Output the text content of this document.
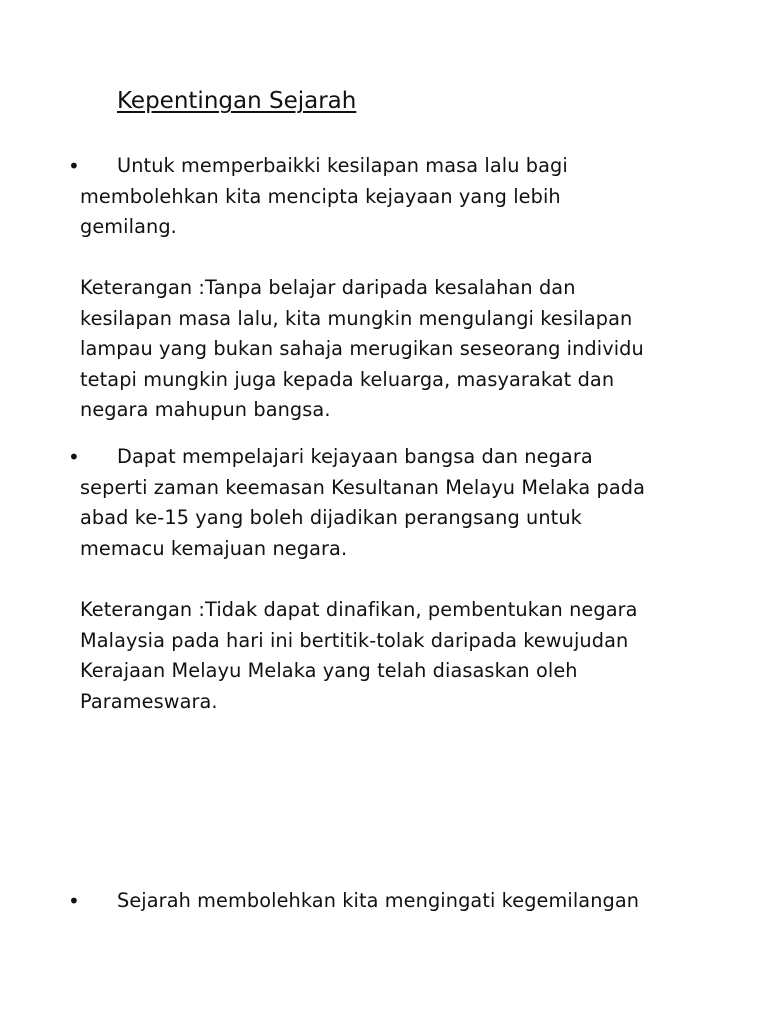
Kepentingan Sejarah
• Untuk memperbaikki kesilapan masa lalu bagi
membolehkan kita mencipta kejayaan yang lebih
gemilang.
Keterangan :Tanpa belajar daripada kesalahan dan
kesilapan masa lalu, kita mungkin mengulangi kesilapan
lampau yang bukan sahaja merugikan seseorang individu
tetapi mungkin juga kepada keluarga, masyarakat dan
negara mahupun bangsa.
• Dapat mempelajari kejayaan bangsa dan negara
seperti zaman keemasan Kesultanan Melayu Melaka pada
abad ke-15 yang boleh dijadikan perangsang untuk
memacu kemajuan negara.
Keterangan :Tidak dapat dinafikan, pembentukan negara
Malaysia pada hari ini bertitik-tolak daripada kewujudan
Kerajaan Melayu Melaka yang telah diasaskan oleh
Parameswara.
• Sejarah membolehkan kita mengingati kegemilangan
